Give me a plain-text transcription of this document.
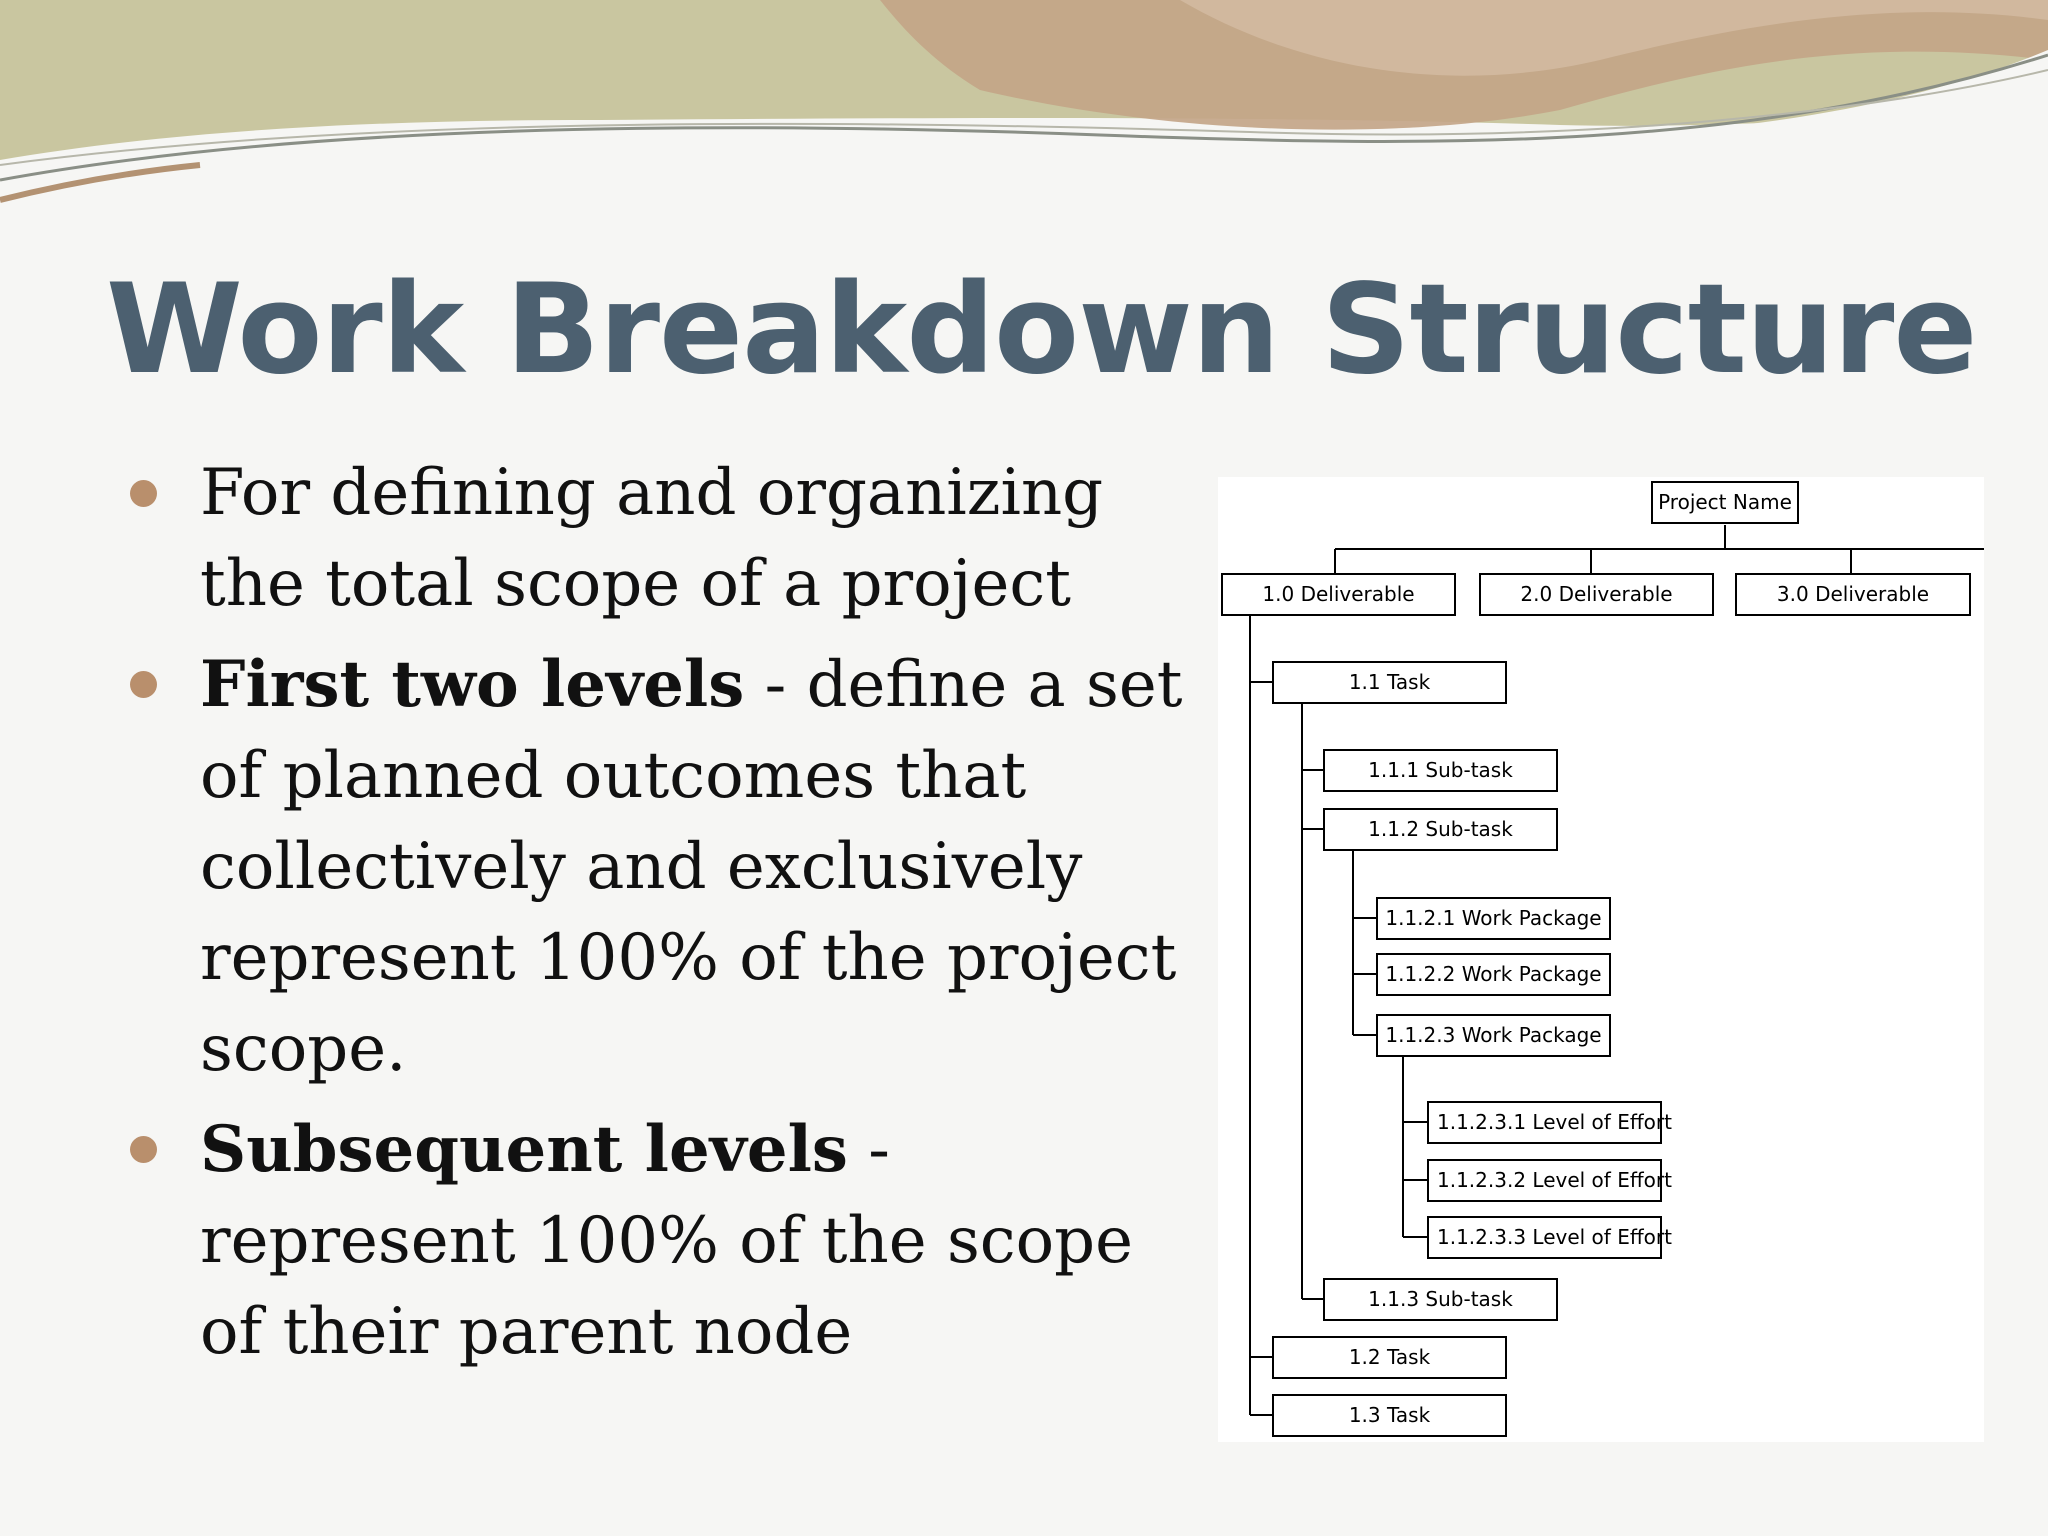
Work Breakdown Structure
For defining and organizing the total scope of a project
First two levels - define a set of planned outcomes that collectively and exclusively represent 100% of the project scope.
Subsequent levels - represent 100% of the scope of their parent node
Project Name
1.0 Deliverable	2.0 Deliverable	3.0 Deliverable
1.1 Task
1.1.1 Sub-task
1.1.2 Sub-task
1.1.2.1 Work Package
1.1.2.2 Work Package
1.1.2.3 Work Package
1.1.2.3.1 Level of Effort
1.1.2.3.2 Level of Effort
1.1.2.3.3 Level of Effort
1.1.3 Sub-task
1.2 Task
1.3 Task
